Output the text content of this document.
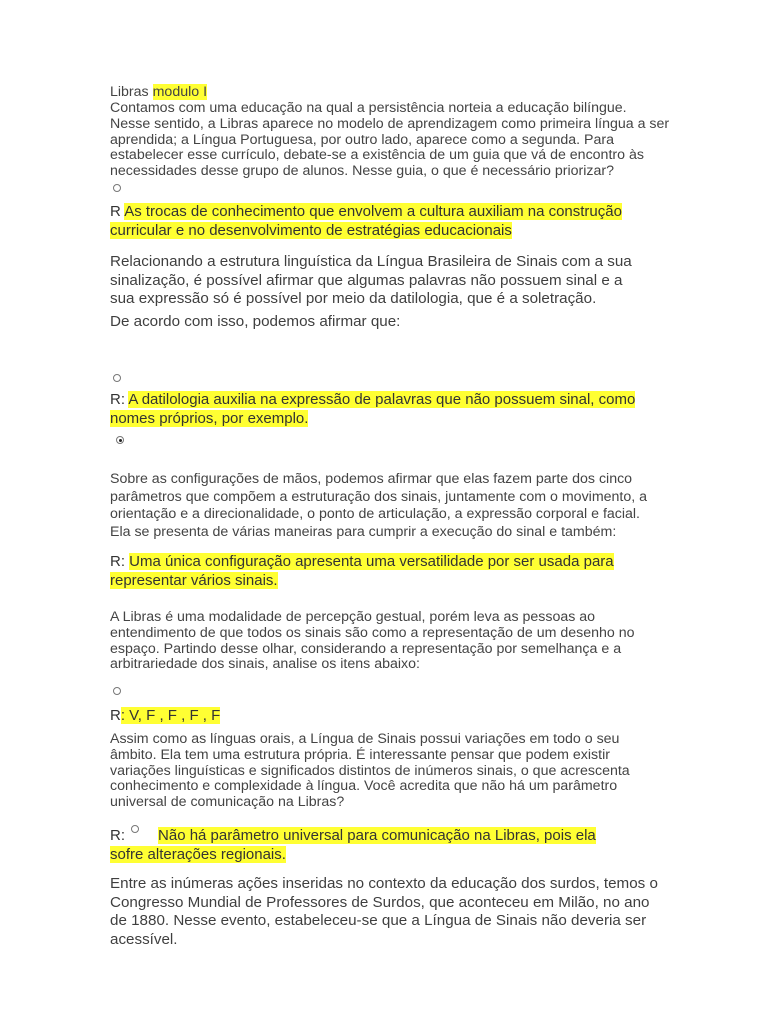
Libras modulo I
Contamos com uma educação na qual a persistência norteia a educação bilíngue. Nesse sentido, a Libras aparece no modelo de aprendizagem como primeira língua a ser aprendida; a Língua Portuguesa, por outro lado, aparece como a segunda. Para estabelecer esse currículo, debate-se a existência de um guia que vá de encontro às necessidades desse grupo de alunos. Nesse guia, o que é necessário priorizar?
R As trocas de conhecimento que envolvem a cultura auxiliam na construção curricular e no desenvolvimento de estratégias educacionais
Relacionando a estrutura linguística da Língua Brasileira de Sinais com a sua sinalização, é possível afirmar que algumas palavras não possuem sinal e a sua expressão só é possível por meio da datilologia, que é a soletração.
De acordo com isso, podemos afirmar que:
R: A datilologia auxilia na expressão de palavras que não possuem sinal, como nomes próprios, por exemplo.
Sobre as configurações de mãos, podemos afirmar que elas fazem parte dos cinco parâmetros que compõem a estruturação dos sinais, juntamente com o movimento, a orientação e a direcionalidade, o ponto de articulação, a expressão corporal e facial. Ela se presenta de várias maneiras para cumprir a execução do sinal e também:
R: Uma única configuração apresenta uma versatilidade por ser usada para representar vários sinais.
A Libras é uma modalidade de percepção gestual, porém leva as pessoas ao entendimento de que todos os sinais são como a representação de um desenho no espaço. Partindo desse olhar, considerando a representação por semelhança e a arbitrariedade dos sinais, analise os itens abaixo:
R: V, F , F , F , F
Assim como as línguas orais, a Língua de Sinais possui variações em todo o seu âmbito. Ela tem uma estrutura própria. É interessante pensar que podem existir variações linguísticas e significados distintos de inúmeros sinais, o que acrescenta conhecimento e complexidade à língua. Você acredita que não há um parâmetro universal de comunicação na Libras?
R: Não há parâmetro universal para comunicação na Libras, pois ela sofre alterações regionais.
Entre as inúmeras ações inseridas no contexto da educação dos surdos, temos o Congresso Mundial de Professores de Surdos, que aconteceu em Milão, no ano de 1880. Nesse evento, estabeleceu-se que a Língua de Sinais não deveria ser acessível.
